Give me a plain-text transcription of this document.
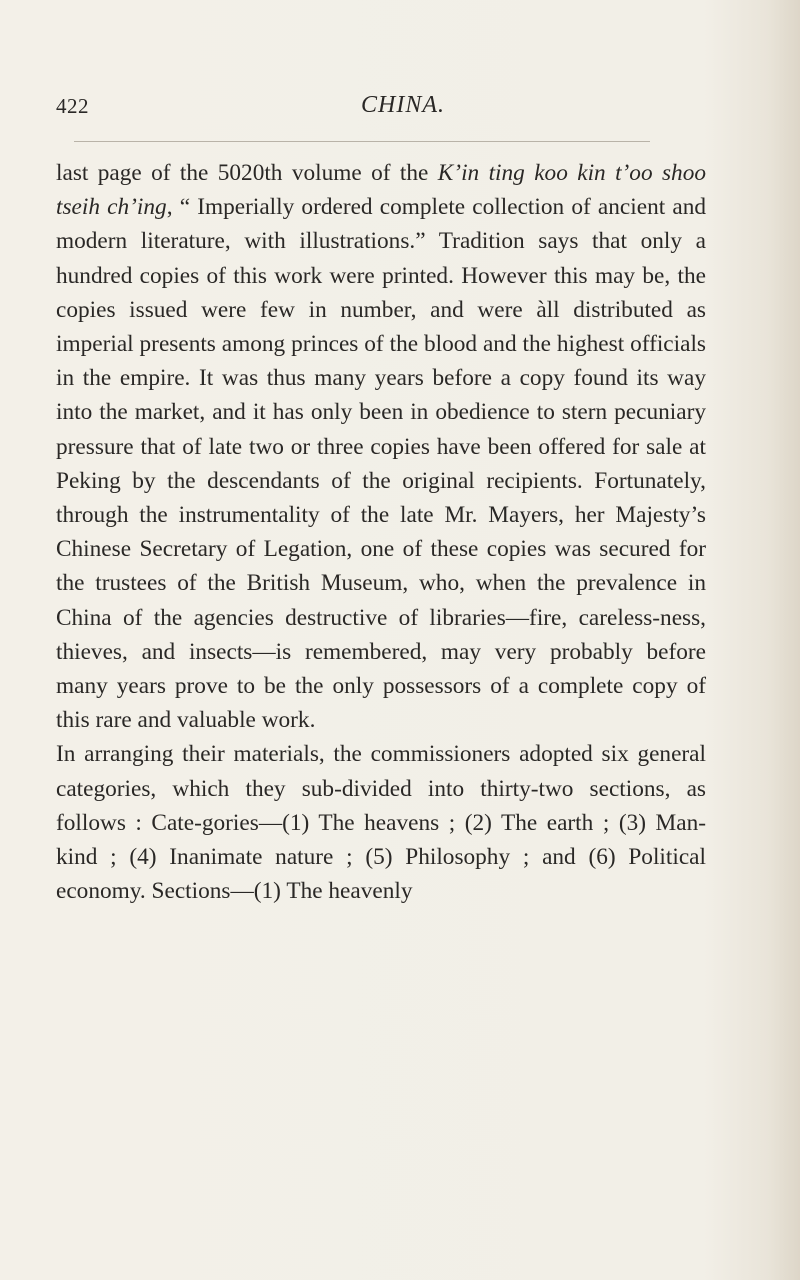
422	CHINA.

last page of the 5020th volume of the K’in ting koo kin t’oo shoo tseih ch’ing, “ Imperially ordered complete collection of ancient and modern literature, with illustrations.” Tradition says that only a hundred copies of this work were printed. However this may be, the copies issued were few in number, and were àll distributed as imperial presents among princes of the blood and the highest officials in the empire. It was thus many years before a copy found its way into the market, and it has only been in obedience to stern pecuniary pressure that of late two or three copies have been offered for sale at Peking by the descendants of the original recipients. Fortunately, through the instrumentality of the late Mr. Mayers, her Majesty’s Chinese Secretary of Legation, one of these copies was secured for the trustees of the British Museum, who, when the prevalence in China of the agencies destructive of libraries—fire, careless-ness, thieves, and insects—is remembered, may very probably before many years prove to be the only possessors of a complete copy of this rare and valuable work.

In arranging their materials, the commissioners adopted six general categories, which they sub-divided into thirty-two sections, as follows : Cate-gories—(1) The heavens ; (2) The earth ; (3) Man-kind ; (4) Inanimate nature ; (5) Philosophy ; and (6) Political economy. Sections—(1) The heavenly
